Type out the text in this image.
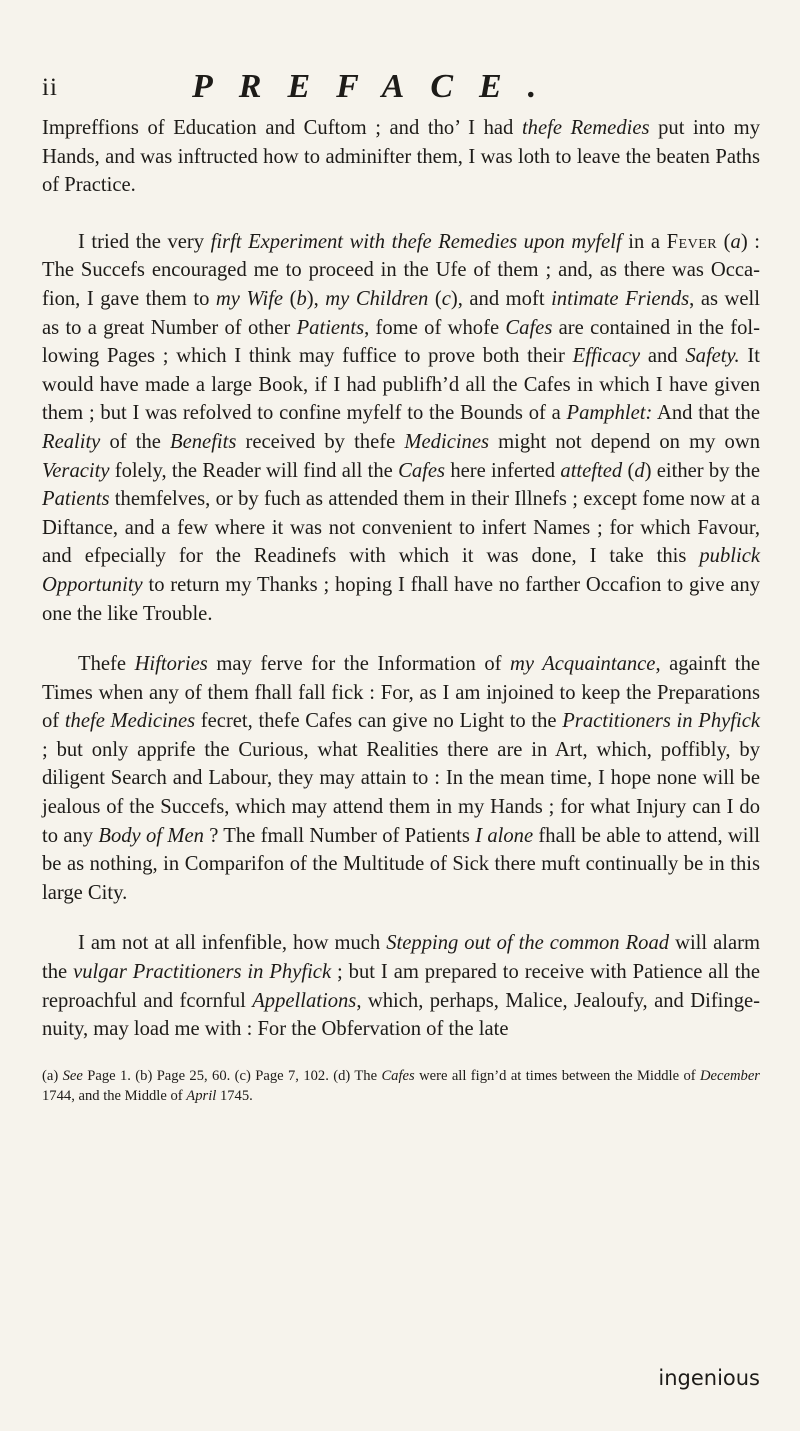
ii	PREFACE.

Impreffions of Education and Cuftom ; and tho’ I had thefe Remedies put into my Hands, and was inftructed how to adminifter them, I was loth to leave the beaten Paths of Practice.

I tried the very firft Experiment with thefe Remedies upon myfelf in a Fever (a) : The Succefs encouraged me to proceed in the Ufe of them ; and, as there was Occafion, I gave them to my Wife (b), my Children (c), and moft intimate Friends, as well as to a great Number of other Patients, fome of whofe Cafes are contained in the following Pages ; which I think may fuffice to prove both their Efficacy and Safety. It would have made a large Book, if I had publifh’d all the Cafes in which I have given them ; but I was refolved to confine myfelf to the Bounds of a Pamphlet: And that the Reality of the Benefits received by thefe Medicines might not depend on my own Veracity folely, the Reader will find all the Cafes here inferted attefted (d) either by the Patients themfelves, or by fuch as attended them in their Illnefs ; except fome now at a Diftance, and a few where it was not convenient to infert Names ; for which Favour, and efpecially for the Readinefs with which it was done, I take this publick Opportunity to return my Thanks ; hoping I fhall have no farther Occafion to give any one the like Trouble.

Thefe Hiftories may ferve for the Information of my Acquaintance, againft the Times when any of them fhall fall fick : For, as I am injoined to keep the Preparations of thefe Medicines fecret, thefe Cafes can give no Light to the Practitioners in Phyfick ; but only apprife the Curious, what Realities there are in Art, which, poffibly, by diligent Search and Labour, they may attain to : In the mean time, I hope none will be jealous of the Succefs, which may attend them in my Hands ; for what Injury can I do to any Body of Men ? The fmall Number of Patients I alone fhall be able to attend, will be as nothing, in Comparifon of the Multitude of Sick there muft continually be in this large City.

I am not at all infenfible, how much Stepping out of the common Road will alarm the vulgar Practitioners in Phyfick ; but I am prepared to receive with Patience all the reproachful and fcornful Appellations, which, perhaps, Malice, Jealoufy, and Difingenuity, may load me with : For the Obfervation of the late

(a) See Page 1. (b) Page 25, 60. (c) Page 7, 102. (d) The Cafes were all fign’d at times between the Middle of December 1744, and the Middle of April 1745.
ingenious
